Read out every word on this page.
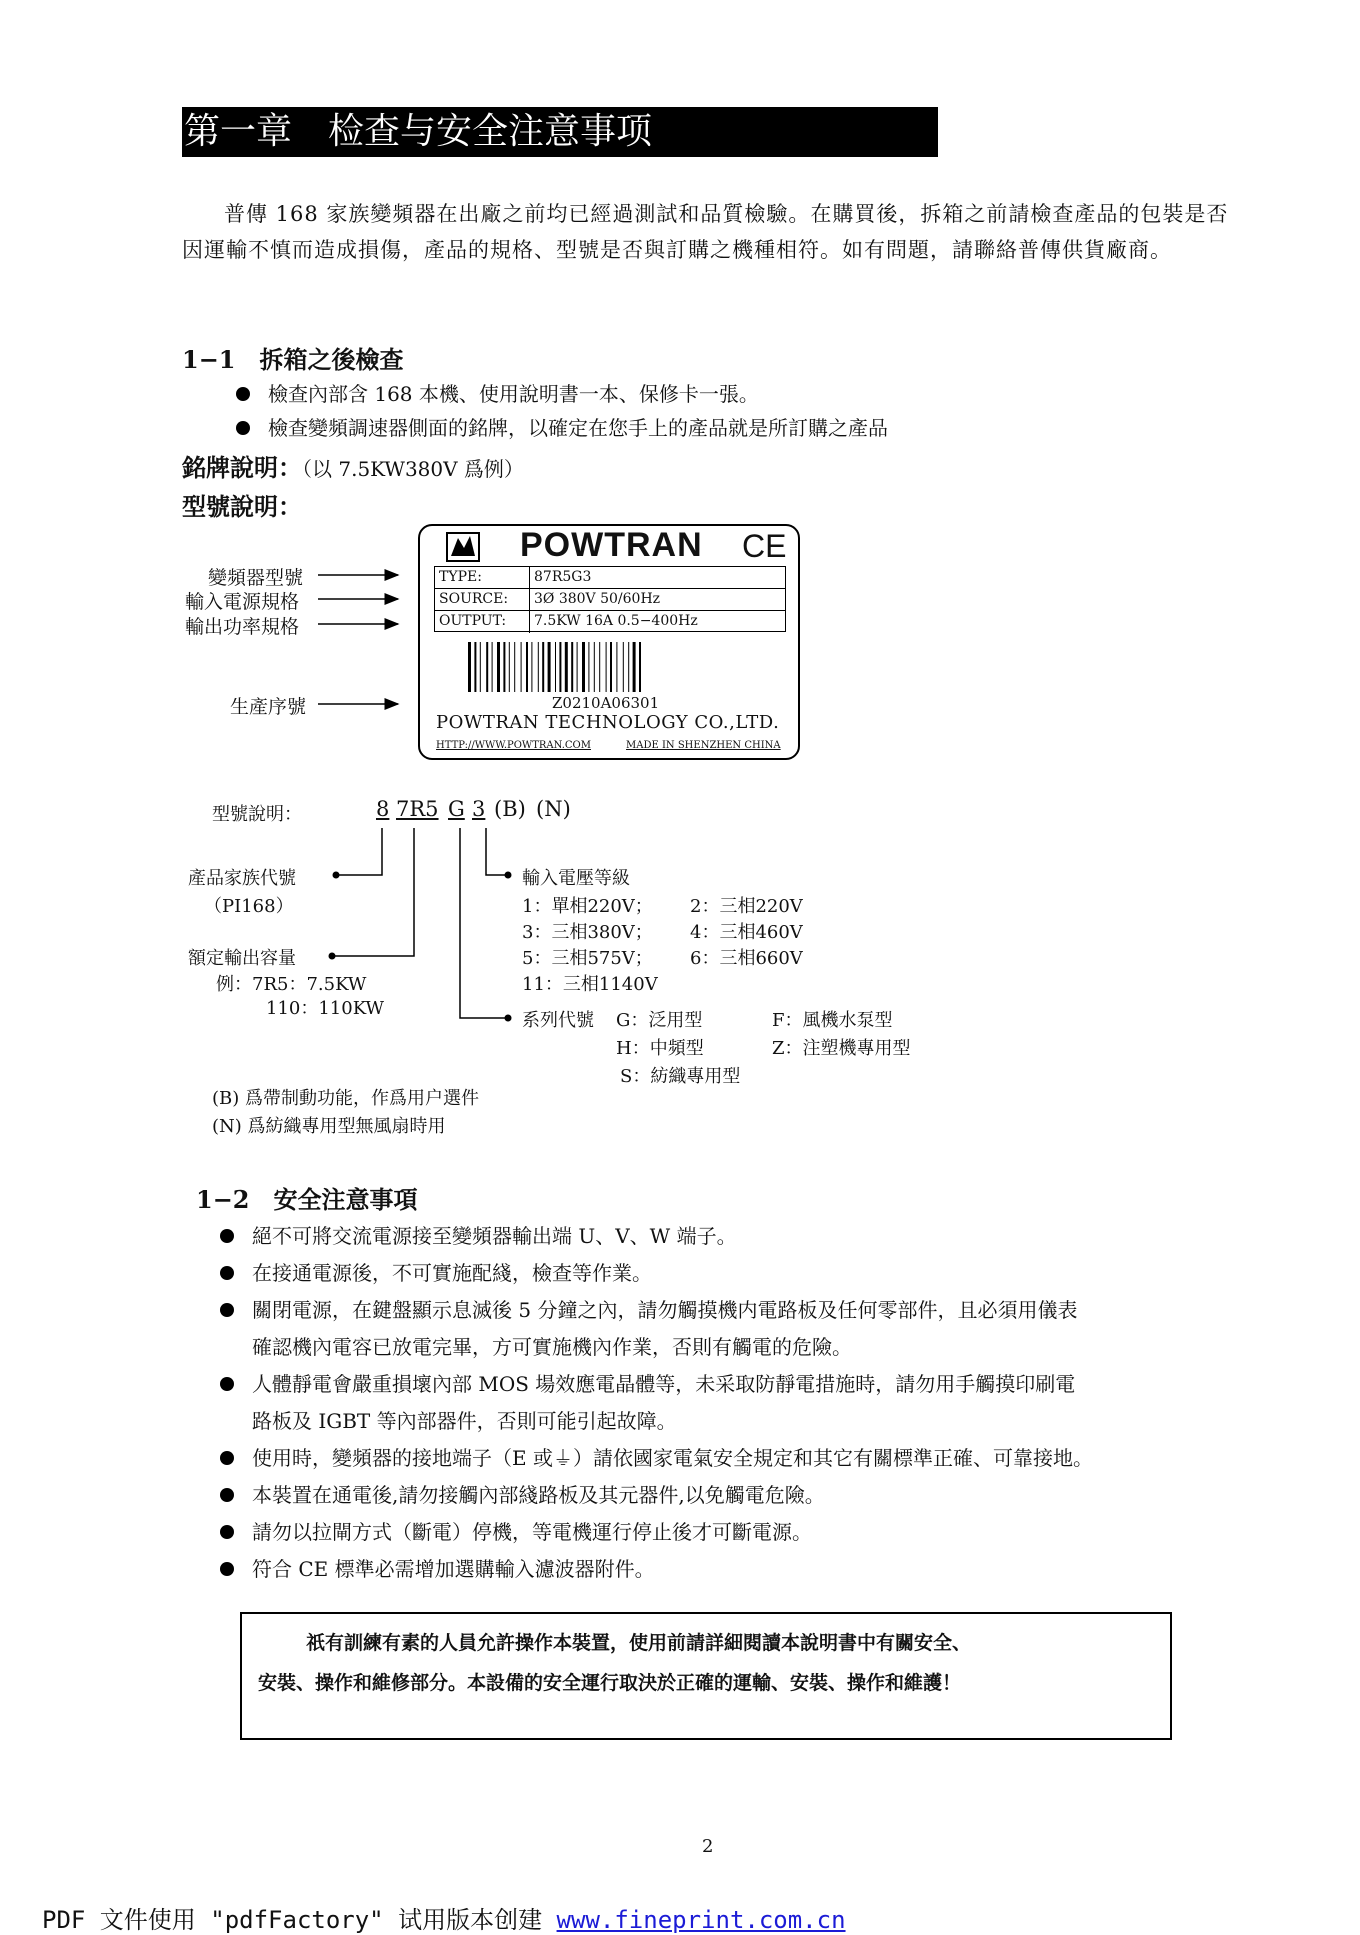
第一章　检查与安全注意事项
普傳 168 家族變頻器在出廠之前均已經過測試和品質檢驗。在購買後，拆箱之前請檢查產品的包裝是否因運輸不慎而造成損傷，產品的規格、型號是否與訂購之機種相符。如有問題，請聯絡普傳供貨廠商。
1−1　拆箱之後檢查
檢查內部含 168 本機、使用說明書一本、保修卡一張。
檢查變頻調速器側面的銘牌，以確定在您手上的產品就是所訂購之產品
銘牌說明：（以 7.5KW380V 爲例）
型號說明：
POWTRAN CE
TYPE:	87R5G3
SOURCE:	3Ø 380V 50/60Hz
OUTPUT:	7.5KW 16A 0.5−400Hz
Z0210A06301
POWTRAN TECHNOLOGY CO.,LTD.
HTTP://WWW.POWTRAN.COM	MADE IN SHENZHEN CHINA
變頻器型號
輸入電源規格
輸出功率規格
生產序號
型號說明：	8 7R5 G 3 (B) (N)
產品家族代號
（PI168）
額定輸出容量
例：7R5：7.5KW
110：110KW
輸入電壓等級
1：單相220V； 2：三相220V
3：三相380V； 4：三相460V
5：三相575V； 6：三相660V
11：三相1140V
系列代號 G：泛用型	F：風機水泵型
H：中頻型	Z：注塑機專用型
S：紡織專用型
(B) 爲帶制動功能，作爲用户選件
(N) 爲紡織專用型無風扇時用
1−2　安全注意事項
絕不可將交流電源接至變頻器輸出端 U、V、W 端子。
在接通電源後，不可實施配綫，檢查等作業。
關閉電源，在鍵盤顯示息滅後 5 分鐘之內，請勿觸摸機内電路板及任何零部件，且必須用儀表
確認機內電容已放電完畢，方可實施機內作業，否則有觸電的危險。
人體靜電會嚴重損壞內部 MOS 場效應電晶體等，未采取防靜電措施時，請勿用手觸摸印刷電
路板及 IGBT 等內部器件，否則可能引起故障。
使用時，變頻器的接地端子（E 或⏚）請依國家電氣安全規定和其它有關標準正確、可靠接地。
本裝置在通電後,請勿接觸內部綫路板及其元器件,以免觸電危險。
請勿以拉閘方式（斷電）停機，等電機運行停止後才可斷電源。
符合 CE 標準必需增加選購輸入濾波器附件。
祇有訓練有素的人員允許操作本裝置，使用前請詳細閱讀本說明書中有關安全、
安裝、操作和維修部分。本設備的安全運行取決於正確的運輸、安裝、操作和維護！
2
PDF 文件使用 "pdfFactory" 试用版本创建 www.fineprint.com.cn
